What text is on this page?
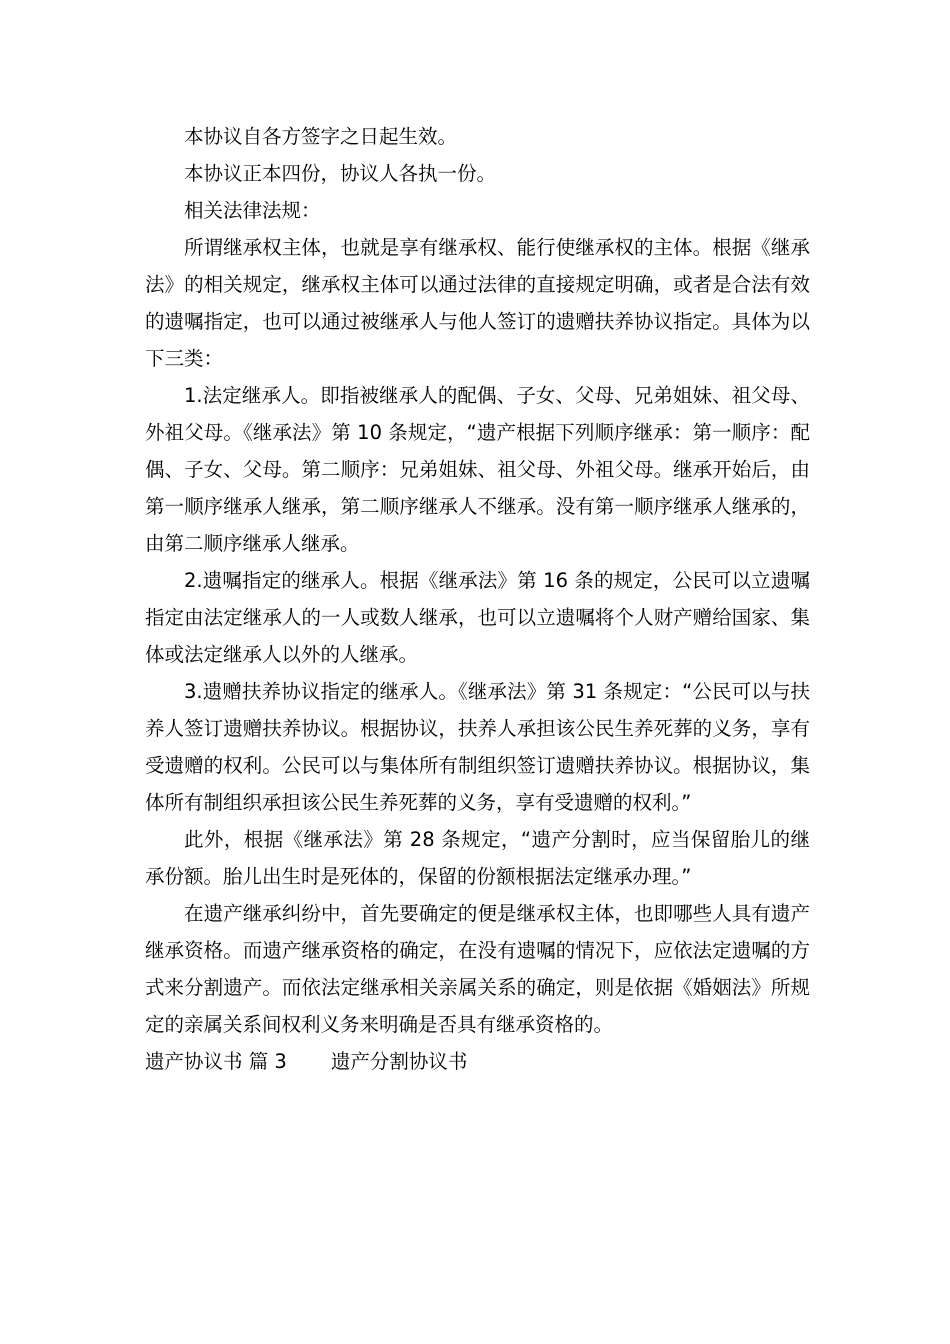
本协议自各方签字之日起生效。

本协议正本四份，协议人各执一份。

相关法律法规：

所谓继承权主体，也就是享有继承权、能行使继承权的主体。根据《继承法》的相关规定，继承权主体可以通过法律的直接规定明确，或者是合法有效的遗嘱指定，也可以通过被继承人与他人签订的遗赠扶养协议指定。具体为以下三类：

1.法定继承人。即指被继承人的配偶、子女、父母、兄弟姐妹、祖父母、外祖父母。《继承法》第 10 条规定，“遗产根据下列顺序继承：第一顺序：配偶、子女、父母。第二顺序：兄弟姐妹、祖父母、外祖父母。继承开始后，由第一顺序继承人继承，第二顺序继承人不继承。没有第一顺序继承人继承的，由第二顺序继承人继承。

2.遗嘱指定的继承人。根据《继承法》第 16 条的规定，公民可以立遗嘱指定由法定继承人的一人或数人继承，也可以立遗嘱将个人财产赠给国家、集体或法定继承人以外的人继承。

3.遗赠扶养协议指定的继承人。《继承法》第 31 条规定：“公民可以与扶养人签订遗赠扶养协议。根据协议，扶养人承担该公民生养死葬的义务，享有受遗赠的权利。公民可以与集体所有制组织签订遗赠扶养协议。根据协议，集体所有制组织承担该公民生养死葬的义务，享有受遗赠的权利。”

此外，根据《继承法》第 28 条规定，“遗产分割时，应当保留胎儿的继承份额。胎儿出生时是死体的，保留的份额根据法定继承办理。”

在遗产继承纠纷中，首先要确定的便是继承权主体，也即哪些人具有遗产继承资格。而遗产继承资格的确定，在没有遗嘱的情况下，应依法定遗嘱的方式来分割遗产。而依法定继承相关亲属关系的确定，则是依据《婚姻法》所规定的亲属关系间权利义务来明确是否具有继承资格的。

遗产协议书 篇 3 遗产分割协议书
